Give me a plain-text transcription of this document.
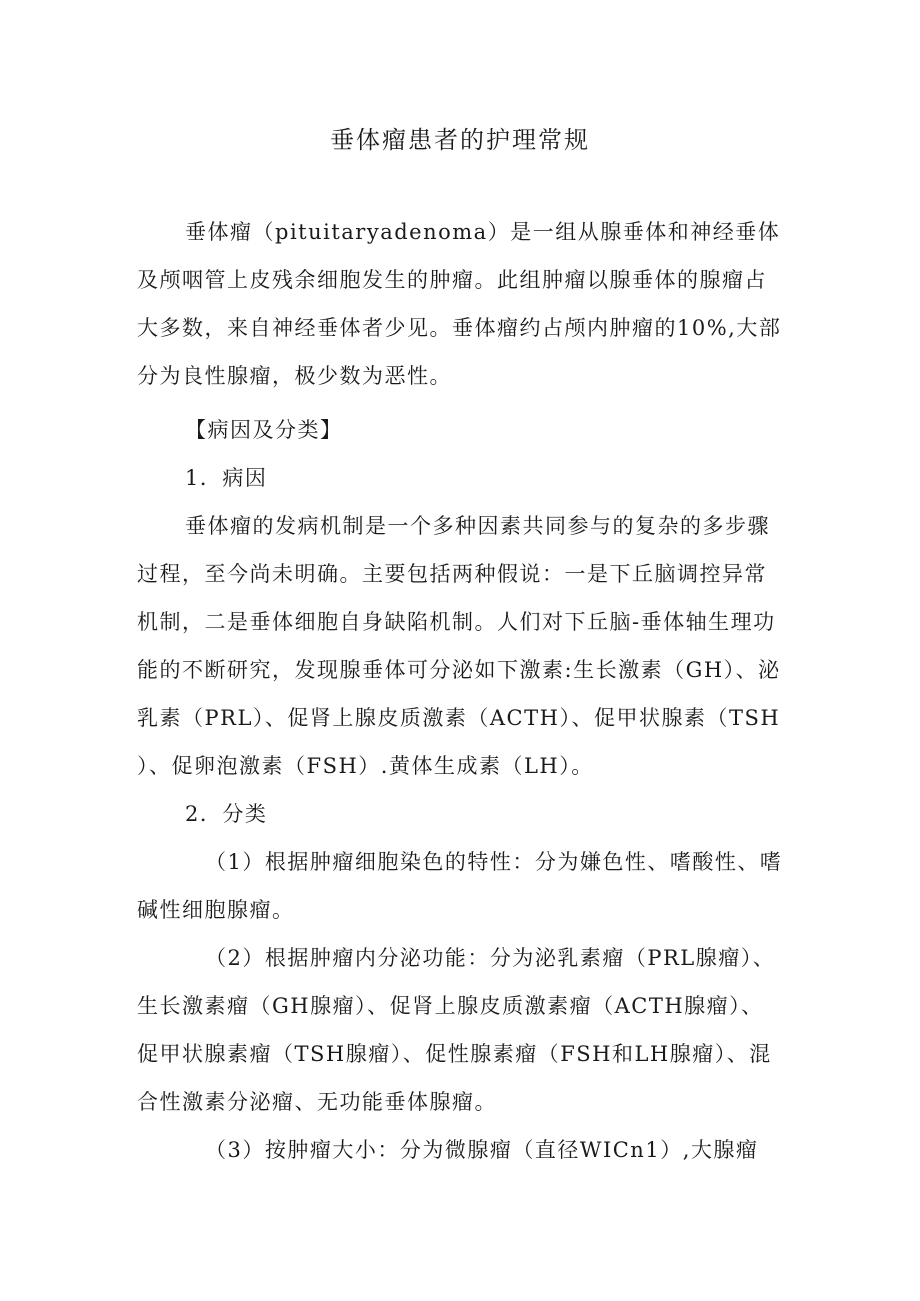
垂体瘤患者的护理常规

垂体瘤（pituitaryadenoma）是一组从腺垂体和神经垂体
及颅咽管上皮残余细胞发生的肿瘤。此组肿瘤以腺垂体的腺瘤占
大多数，来自神经垂体者少见。垂体瘤约占颅内肿瘤的10%,大部
分为良性腺瘤，极少数为恶性。

【病因及分类】

1．病因

垂体瘤的发病机制是一个多种因素共同参与的复杂的多步骤
过程，至今尚未明确。主要包括两种假说：一是下丘脑调控异常
机制，二是垂体细胞自身缺陷机制。人们对下丘脑-垂体轴生理功
能的不断研究，发现腺垂体可分泌如下激素:生长激素（GH）、泌
乳素（PRL）、促肾上腺皮质激素（ACTH）、促甲状腺素（TSH
）、促卵泡激素（FSH）.黄体生成素（LH）。

2．分类

（1）根据肿瘤细胞染色的特性：分为嫌色性、嗜酸性、嗜
碱性细胞腺瘤。

（2）根据肿瘤内分泌功能：分为泌乳素瘤（PRL腺瘤）、
生长激素瘤（GH腺瘤）、促肾上腺皮质激素瘤（ACTH腺瘤）、
促甲状腺素瘤（TSH腺瘤）、促性腺素瘤（FSH和LH腺瘤）、混
合性激素分泌瘤、无功能垂体腺瘤。

（3）按肿瘤大小：分为微腺瘤（直径WICn1）,大腺瘤
